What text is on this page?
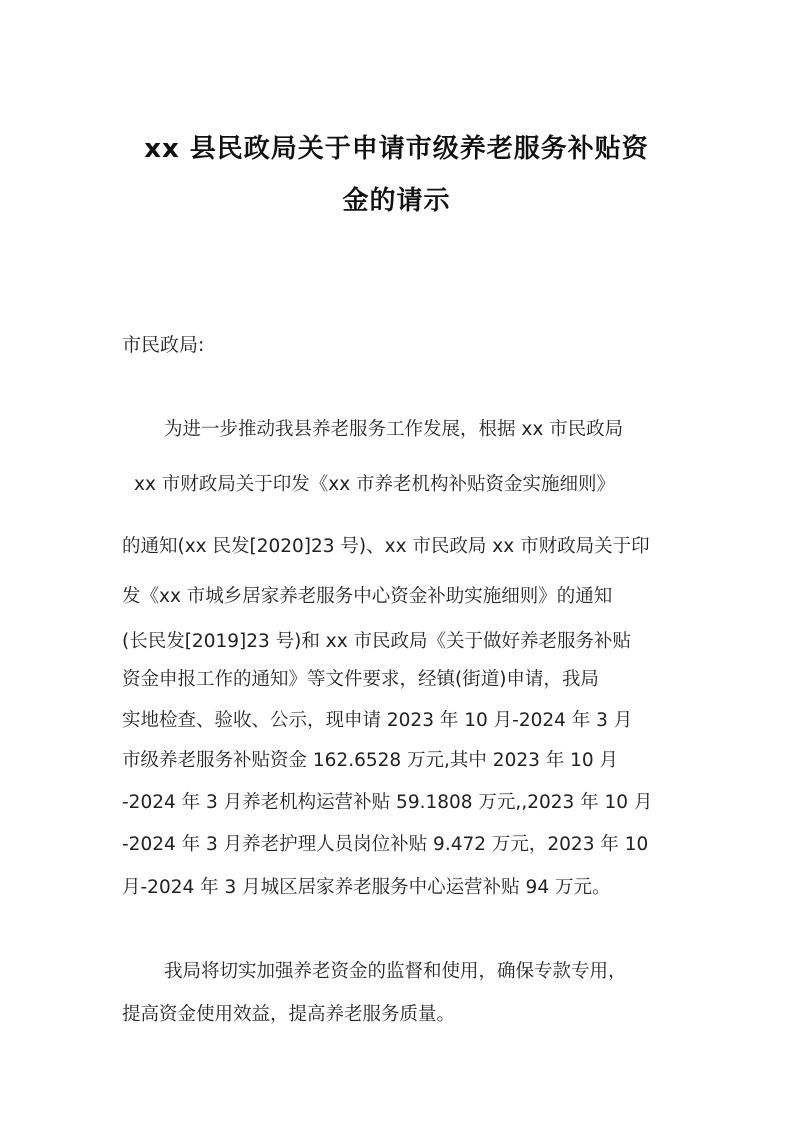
xx 县民政局关于申请市级养老服务补贴资
金的请示

市民政局:

为进一步推动我县养老服务工作发展，根据 xx 市民政局

xx 市财政局关于印发《xx 市养老机构补贴资金实施细则》

的通知(xx 民发[2020]23 号)、xx 市民政局 xx 市财政局关于印

发《xx 市城乡居家养老服务中心资金补助实施细则》的通知

(长民发[2019]23 号)和 xx 市民政局《关于做好养老服务补贴

资金申报工作的通知》等文件要求，经镇(街道)申请，我局

实地检查、验收、公示，现申请 2023 年 10 月-2024 年 3 月

市级养老服务补贴资金 162.6528 万元,其中 2023 年 10 月

-2024 年 3 月养老机构运营补贴 59.1808 万元,,2023 年 10 月

-2024 年 3 月养老护理人员岗位补贴 9.472 万元，2023 年 10

月-2024 年 3 月城区居家养老服务中心运营补贴 94 万元。

我局将切实加强养老资金的监督和使用，确保专款专用，

提高资金使用效益，提高养老服务质量。
